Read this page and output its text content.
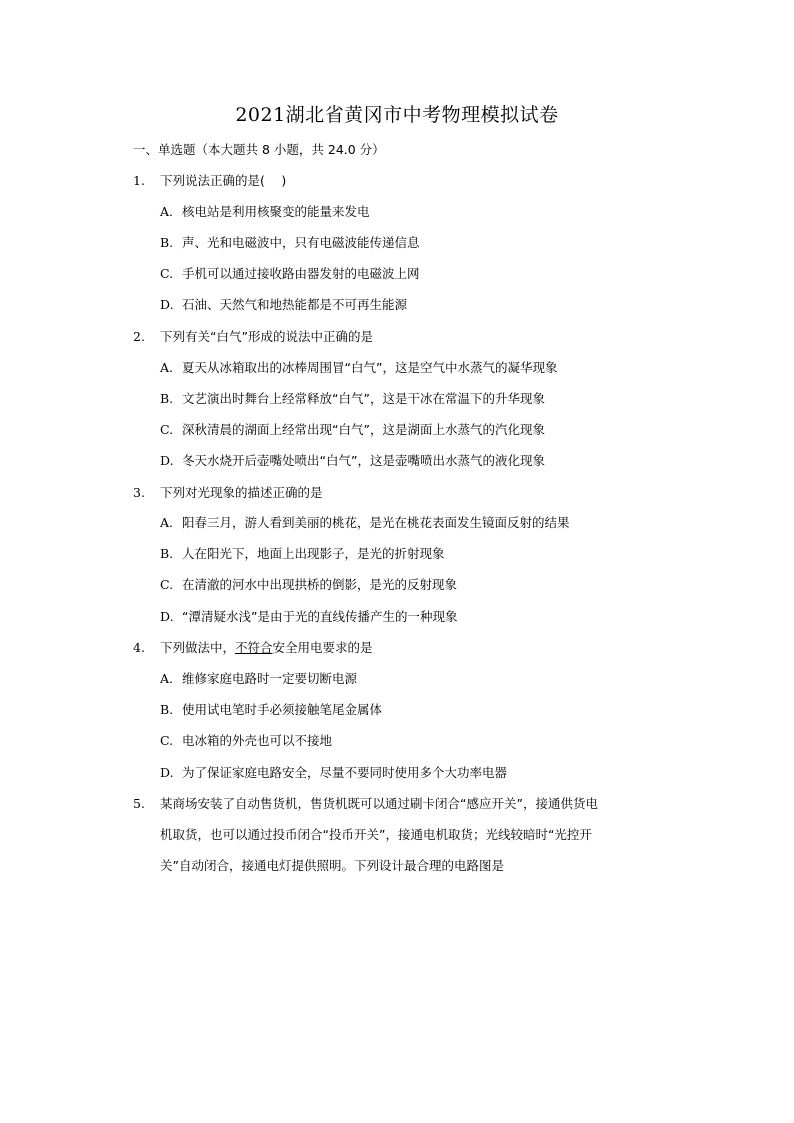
2021湖北省黄冈市中考物理模拟试卷
一、单选题（本大题共 8 小题，共 24.0 分）
1.	下列说法正确的是(　 )
A. 核电站是利用核聚变的能量来发电
B. 声、光和电磁波中，只有电磁波能传递信息
C. 手机可以通过接收路由器发射的电磁波上网
D. 石油、天然气和地热能都是不可再生能源
2.	下列有关“白气”形成的说法中正确的是
A. 夏天从冰箱取出的冰棒周围冒“白气”，这是空气中水蒸气的凝华现象
B. 文艺演出时舞台上经常释放“白气”，这是干冰在常温下的升华现象
C. 深秋清晨的湖面上经常出现“白气”，这是湖面上水蒸气的汽化现象
D. 冬天水烧开后壶嘴处喷出“白气”，这是壶嘴喷出水蒸气的液化现象
3.	下列对光现象的描述正确的是
A. 阳春三月，游人看到美丽的桃花，是光在桃花表面发生镜面反射的结果
B. 人在阳光下，地面上出现影子，是光的折射现象
C. 在清澈的河水中出现拱桥的倒影，是光的反射现象
D. “潭清疑水浅”是由于光的直线传播产生的一种现象
4.	下列做法中，不符合安全用电要求的是
A. 维修家庭电路时一定要切断电源
B. 使用试电笔时手必须接触笔尾金属体
C. 电冰箱的外壳也可以不接地
D. 为了保证家庭电路安全，尽量不要同时使用多个大功率电器
5.	某商场安装了自动售货机，售货机既可以通过刷卡闭合“感应开关”，接通供货电
机取货，也可以通过投币闭合“投币开关”，接通电机取货；光线较暗时“光控开
关”自动闭合，接通电灯提供照明。下列设计最合理的电路图是
